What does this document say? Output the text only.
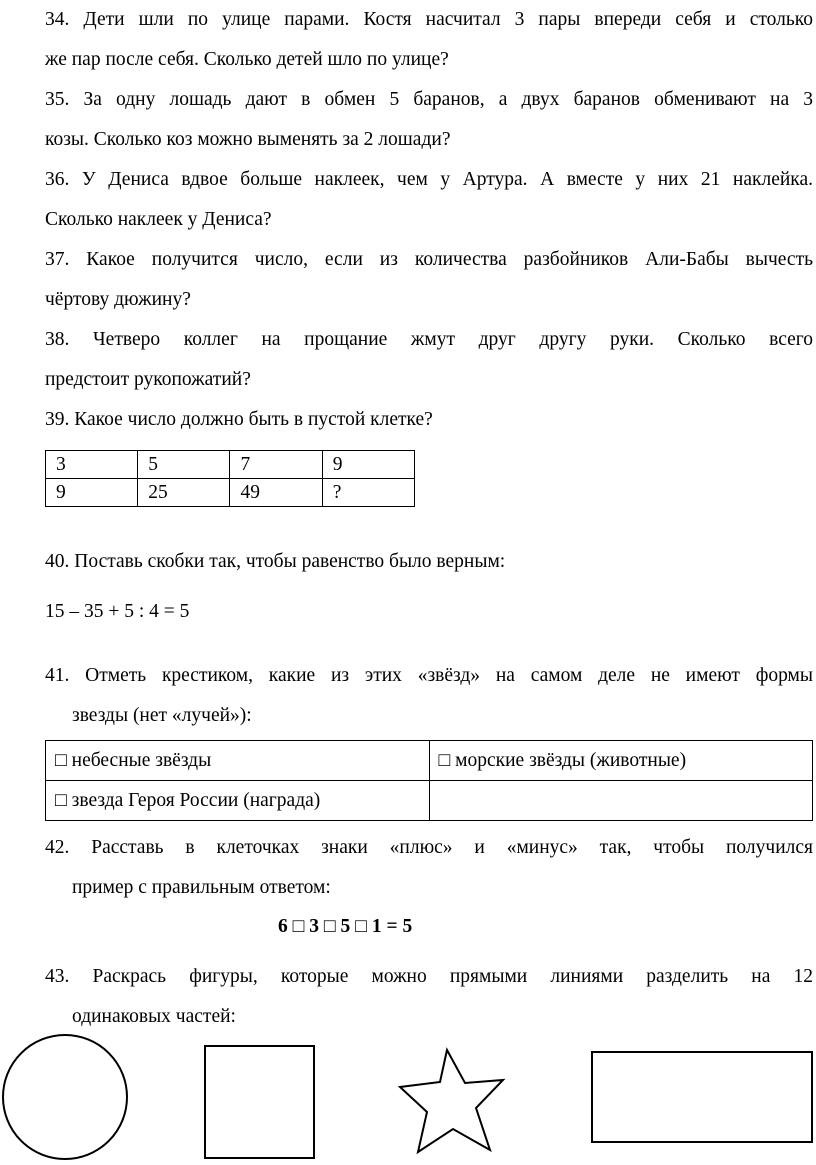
34. Дети шли по улице парами. Костя насчитал 3 пары впереди себя и столько

же пар после себя. Сколько детей шло по улице?

35. За одну лошадь дают в обмен 5 баранов, а двух баранов обменивают на 3

козы. Сколько коз можно выменять за 2 лошади?

36. У Дениса вдвое больше наклеек, чем у Артура. А вместе у них 21 наклейка.

Сколько наклеек у Дениса?

37. Какое получится число, если из количества разбойников Али-Бабы вычесть

чёртову дюжину?

38. Четверо коллег на прощание жмут друг другу руки. Сколько всего

предстоит рукопожатий?

39. Какое число должно быть в пустой клетке?

3	5	7	9
9	25	49	?

40. Поставь скобки так, чтобы равенство было верным:

15 – 35 + 5 : 4 = 5

41. Отметь крестиком, какие из этих «звёзд» на самом деле не имеют формы

звезды (нет «лучей»):

□ небесные звёзды	□ морские звёзды (животные)
□ звезда Героя России (награда)	

42. Расставь в клеточках знаки «плюс» и «минус» так, чтобы получился

пример с правильным ответом:

6 □ 3 □ 5 □ 1 = 5

43. Раскрась фигуры, которые можно прямыми линиями разделить на 12

одинаковых частей:
